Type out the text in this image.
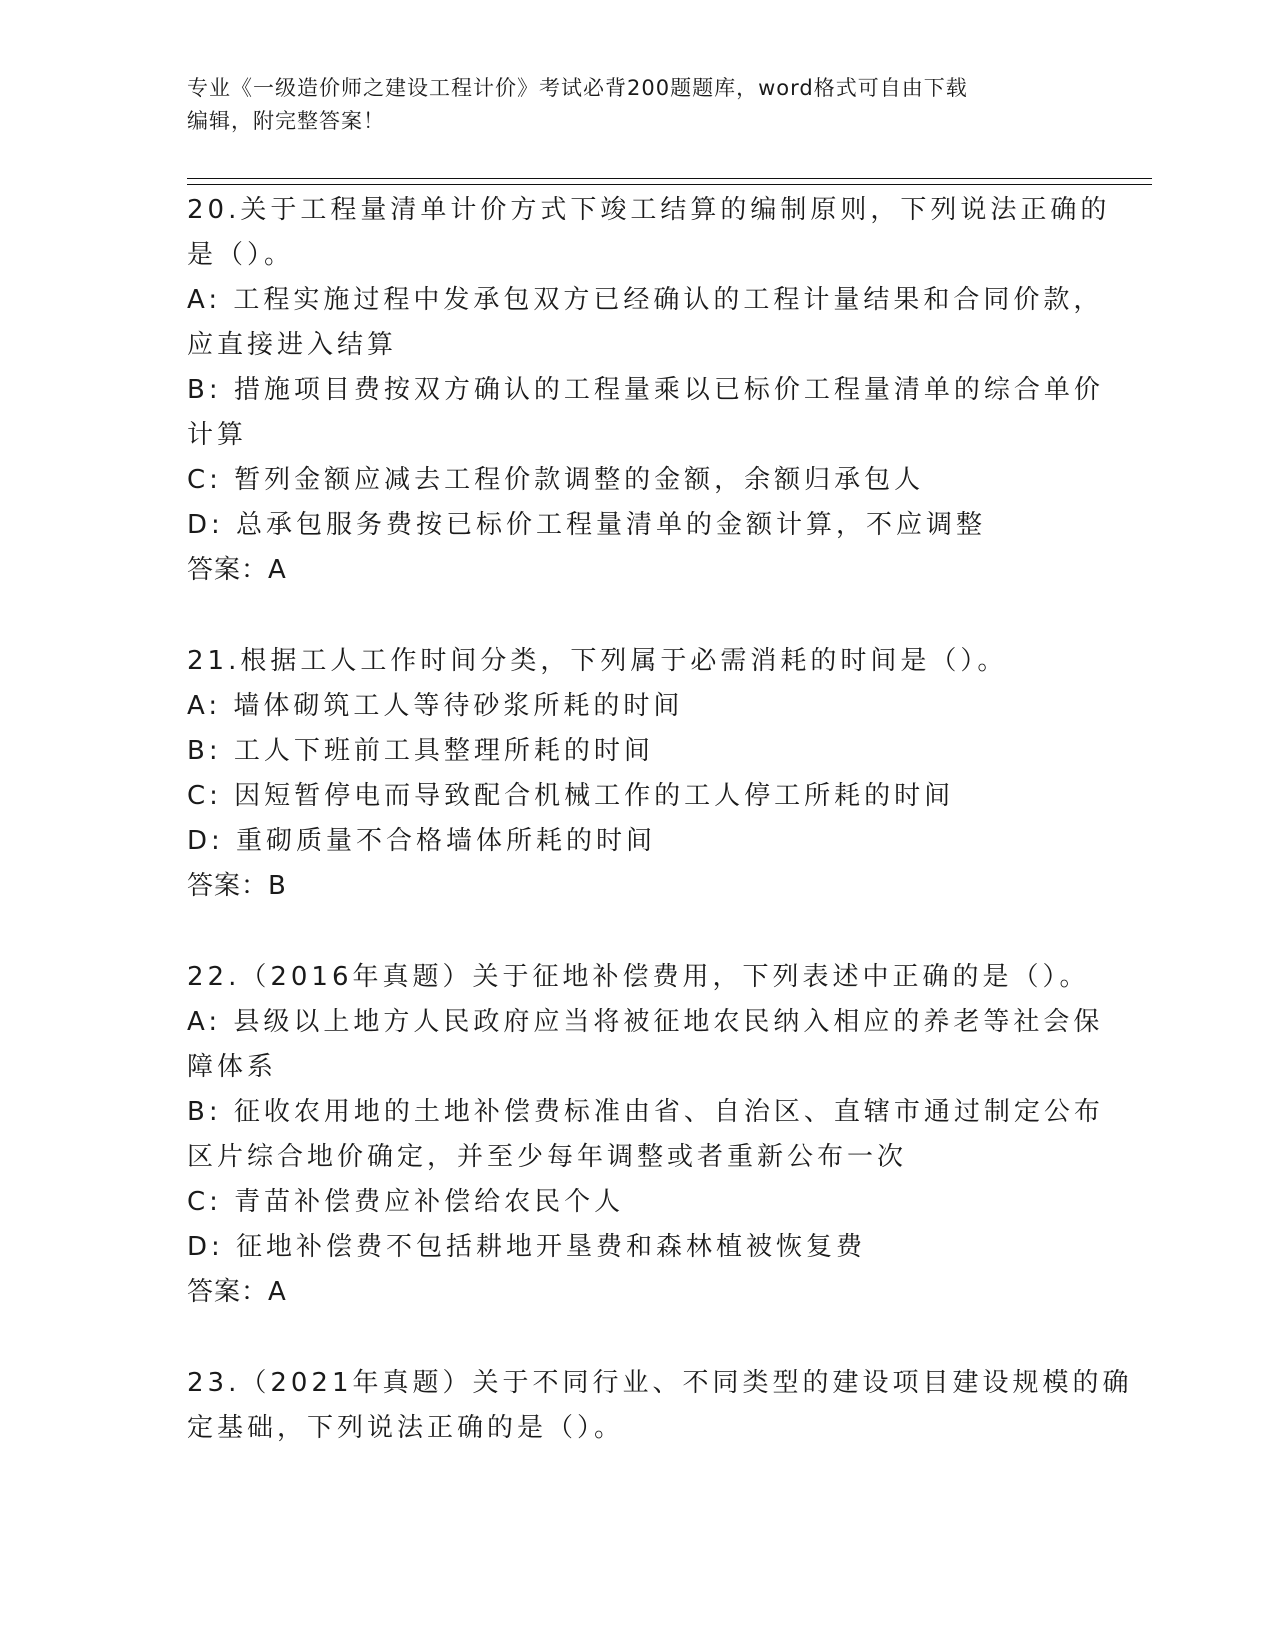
专业《一级造价师之建设工程计价》考试必背200题题库，word格式可自由下载
编辑，附完整答案！
20.关于工程量清单计价方式下竣工结算的编制原则，下列说法正确的
是（）。
A: 工程实施过程中发承包双方已经确认的工程计量结果和合同价款，
应直接进入结算
B: 措施项目费按双方确认的工程量乘以已标价工程量清单的综合单价
计算
C: 暂列金额应减去工程价款调整的金额，余额归承包人
D: 总承包服务费按已标价工程量清单的金额计算，不应调整
答案：A
21.根据工人工作时间分类，下列属于必需消耗的时间是（）。
A: 墙体砌筑工人等待砂浆所耗的时间
B: 工人下班前工具整理所耗的时间
C: 因短暂停电而导致配合机械工作的工人停工所耗的时间
D: 重砌质量不合格墙体所耗的时间
答案：B
22.（2016年真题）关于征地补偿费用，下列表述中正确的是（）。
A: 县级以上地方人民政府应当将被征地农民纳入相应的养老等社会保
障体系
B: 征收农用地的土地补偿费标准由省、自治区、直辖市通过制定公布
区片综合地价确定，并至少每年调整或者重新公布一次
C: 青苗补偿费应补偿给农民个人
D: 征地补偿费不包括耕地开垦费和森林植被恢复费
答案：A
23.（2021年真题）关于不同行业、不同类型的建设项目建设规模的确
定基础，下列说法正确的是（）。
